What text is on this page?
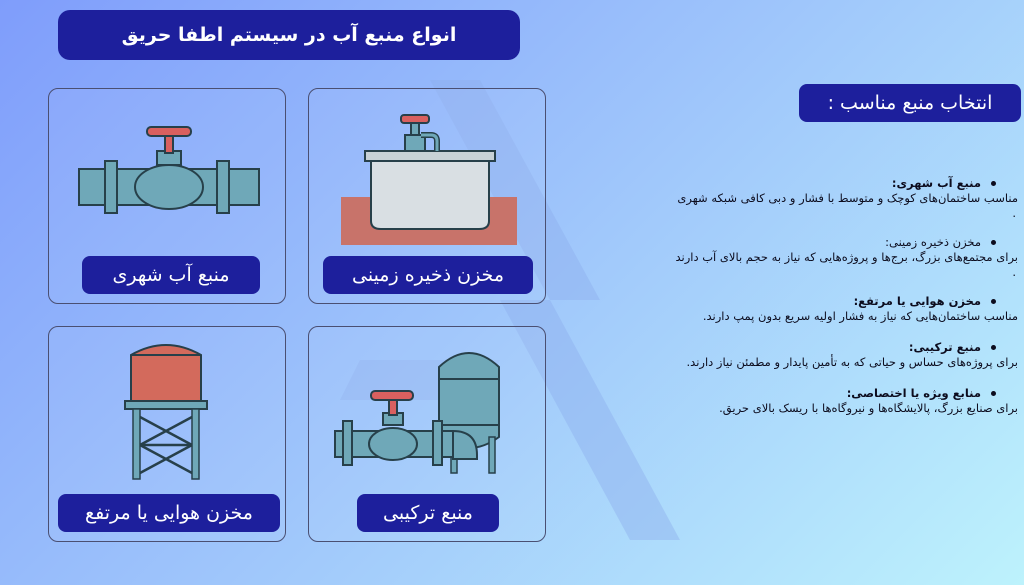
انواع منبع آب در سیستم اطفا حریق
منبع آب شهری	مخزن ذخیره زمینی
مخزن هوایی یا مرتفع	منبع ترکیبی
انتخاب منبع مناسب :
منبع آب شهری:
مناسب ساختمان‌های کوچک و متوسط با فشار و دبی کافی شبکه شهری
.
مخزن ذخیره زمینی:
برای مجتمع‌های بزرگ، برج‌ها و پروژه‌هایی که نیاز به حجم بالای آب دارند
.
مخزن هوایی یا مرتفع:
مناسب ساختمان‌هایی که نیاز به فشار اولیه سریع بدون پمپ دارند.
منبع ترکیبی:
برای پروژه‌های حساس و حیاتی که به تأمین پایدار و مطمئن نیاز دارند.
منابع ویژه یا اختصاصی:
برای صنایع بزرگ، پالایشگاه‌ها و نیروگاه‌ها با ریسک بالای حریق.
